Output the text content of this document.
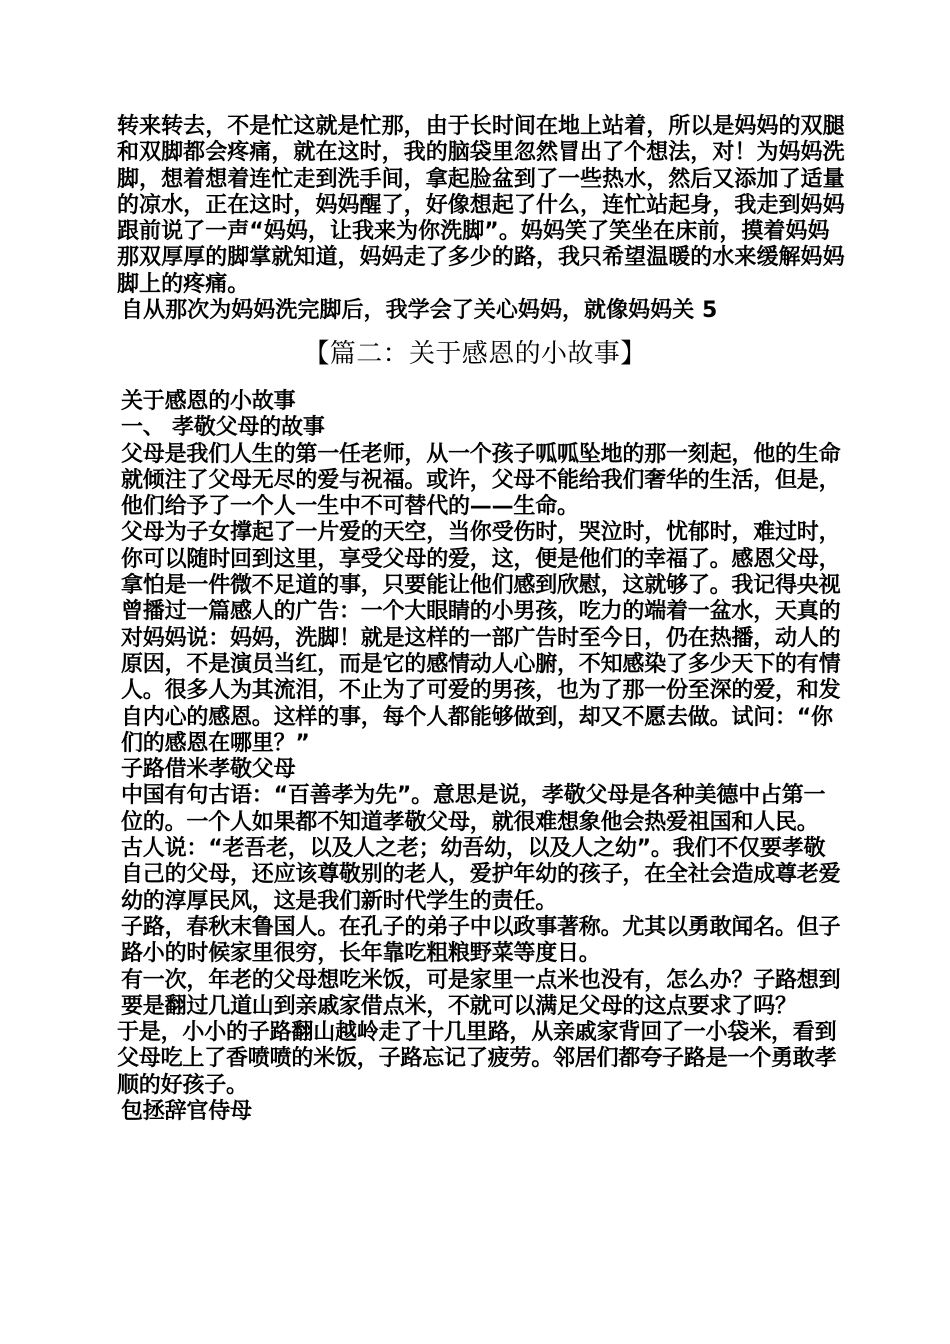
转来转去，不是忙这就是忙那，由于长时间在地上站着，所以是妈妈的双腿和双脚都会疼痛，就在这时，我的脑袋里忽然冒出了个想法，对！为妈妈洗脚，想着想着连忙走到洗手间，拿起脸盆到了一些热水，然后又添加了适量的凉水，正在这时，妈妈醒了，好像想起了什么，连忙站起身，我走到妈妈跟前说了一声“妈妈，让我来为你洗脚”。妈妈笑了笑坐在床前，摸着妈妈那双厚厚的脚掌就知道，妈妈走了多少的路，我只希望温暖的水来缓解妈妈脚上的疼痛。

自从那次为妈妈洗完脚后，我学会了关心妈妈，就像妈妈关 5

【篇二：关于感恩的小故事】

关于感恩的小故事

一、 孝敬父母的故事

父母是我们人生的第一任老师，从一个孩子呱呱坠地的那一刻起，他的生命就倾注了父母无尽的爱与祝福。或许，父母不能给我们奢华的生活，但是，他们给予了一个人一生中不可替代的——生命。

父母为子女撑起了一片爱的天空，当你受伤时，哭泣时，忧郁时，难过时，你可以随时回到这里，享受父母的爱，这，便是他们的幸福了。感恩父母，拿怕是一件微不足道的事，只要能让他们感到欣慰，这就够了。我记得央视曾播过一篇感人的广告：一个大眼睛的小男孩，吃力的端着一盆水，天真的对妈妈说：妈妈，洗脚！就是这样的一部广告时至今日，仍在热播，动人的原因，不是演员当红，而是它的感情动人心腑，不知感染了多少天下的有情人。很多人为其流泪，不止为了可爱的男孩，也为了那一份至深的爱，和发自内心的感恩。这样的事，每个人都能够做到，却又不愿去做。试问：“你们的感恩在哪里？”

子路借米孝敬父母

中国有句古语：“百善孝为先”。意思是说，孝敬父母是各种美德中占第一位的。一个人如果都不知道孝敬父母，就很难想象他会热爱祖国和人民。 古人说：“老吾老，以及人之老；幼吾幼，以及人之幼”。我们不仅要孝敬自己的父母，还应该尊敬别的老人，爱护年幼的孩子，在全社会造成尊老爱幼的淳厚民风，这是我们新时代学生的责任。

子路，春秋末鲁国人。在孔子的弟子中以政事著称。尤其以勇敢闻名。但子路小的时候家里很穷，长年靠吃粗粮野菜等度日。

有一次，年老的父母想吃米饭，可是家里一点米也没有，怎么办？子路想到要是翻过几道山到亲戚家借点米，不就可以满足父母的这点要求了吗？

于是，小小的子路翻山越岭走了十几里路，从亲戚家背回了一小袋米，看到父母吃上了香喷喷的米饭，子路忘记了疲劳。邻居们都夸子路是一个勇敢孝顺的好孩子。

包拯辞官侍母
